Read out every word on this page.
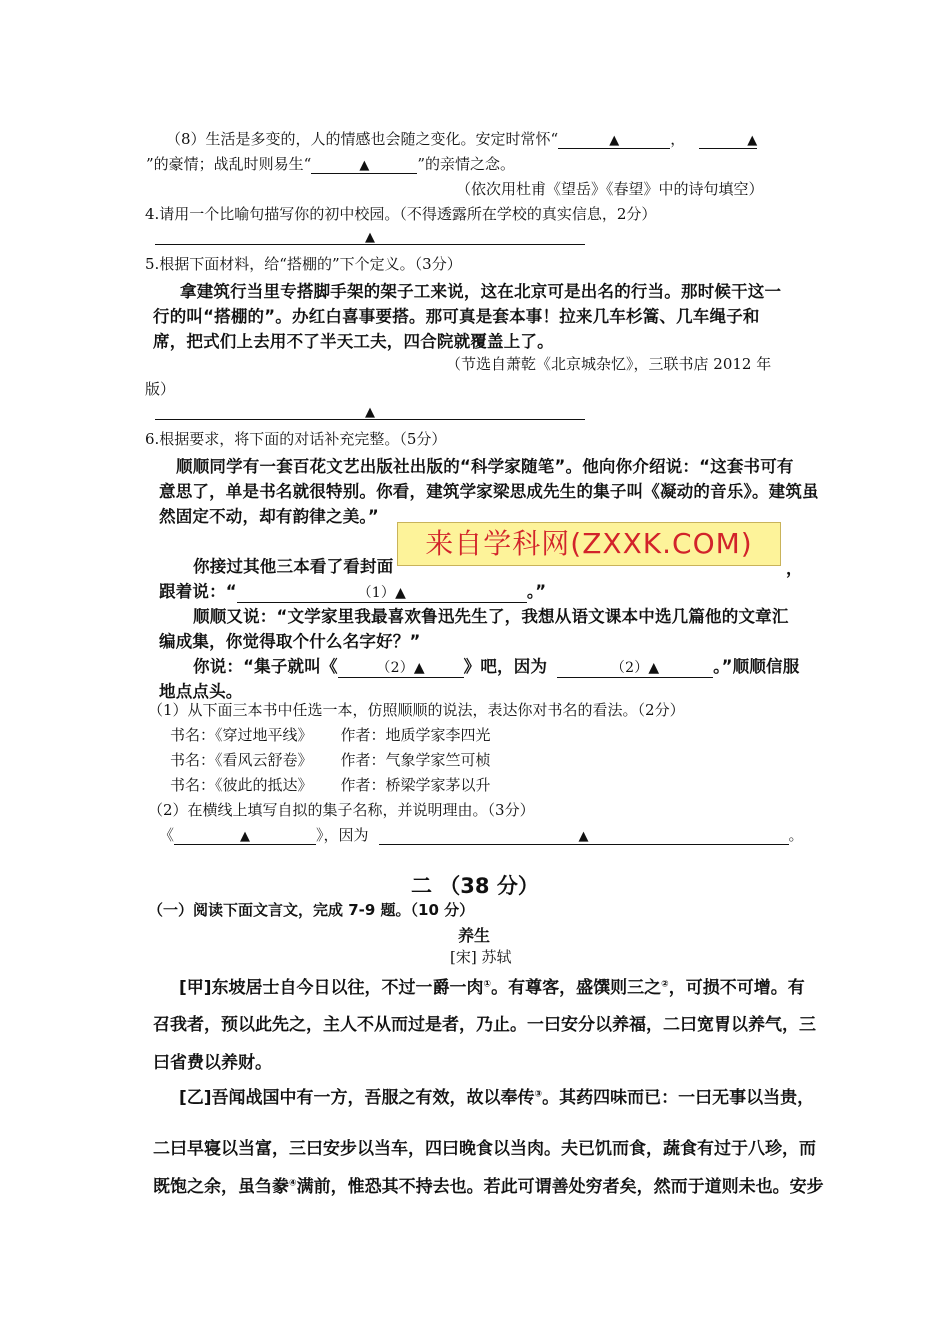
（8）生活是多变的，人的情感也会随之变化。安定时常怀“	▲	，	▲
”的豪情；战乱时则易生“	▲	”的亲情之念。
（依次用杜甫《望岳》《春望》中的诗句填空）
4.请用一个比喻句描写你的初中校园。（不得透露所在学校的真实信息，2分）
▲
5.根据下面材料，给“搭棚的”下个定义。（3分）
拿建筑行当里专搭脚手架的架子工来说，这在北京可是出名的行当。那时候干这一
行的叫“搭棚的”。办红白喜事要搭。那可真是套本事！拉来几车杉篙、几车绳子和
席，把式们上去用不了半天工夫，四合院就覆盖上了。
（节选自萧乾《北京城杂忆》，三联书店 2012 年
版）
▲
6.根据要求，将下面的对话补充完整。（5分）
顺顺同学有一套百花文艺出版社出版的“科学家随笔”。他向你介绍说：“这套书可有
意思了，单是书名就很特别。你看，建筑学家梁思成先生的集子叫《凝动的音乐》。建筑虽
然固定不动，却有韵律之美。”
你接过其他三本看了看封面	，
来自学科网(ZXXK.COM)
跟着说：“	（1）▲	。”
顺顺又说：“文学家里我最喜欢鲁迅先生了，我想从语文课本中选几篇他的文章汇
编成集，你觉得取个什么名字好？”
你说：“集子就叫《	（2）▲ 》吧，因为	（2）▲	。”顺顺信服
地点点头。
（1）从下面三本书中任选一本，仿照顺顺的说法，表达你对书名的看法。（2分）
书名：《穿过地平线》 作者：地质学家李四光
书名：《看风云舒卷》 作者：气象学家竺可桢
书名：《彼此的抵达》 作者：桥梁学家茅以升
（2）在横线上填写自拟的集子名称，并说明理由。（3分）
《	▲	》，因为	▲	。
二 （38 分）
（一）阅读下面文言文，完成 7-9 题。（10 分）
养生
[宋] 苏轼
[甲]东坡居士自今日以往，不过一爵一肉①。有尊客，盛馔则三之②，可损不可增。有
召我者，预以此先之，主人不从而过是者，乃止。一曰安分以养福，二曰宽胃以养气，三
曰省费以养财。
[乙]吾闻战国中有一方，吾服之有效，故以奉传③。其药四味而已：一曰无事以当贵，
二曰早寝以当富，三曰安步以当车，四曰晚食以当肉。夫已饥而食，蔬食有过于八珍，而
既饱之余，虽刍豢④满前，惟恐其不持去也。若此可谓善处穷者矣，然而于道则未也。安步
